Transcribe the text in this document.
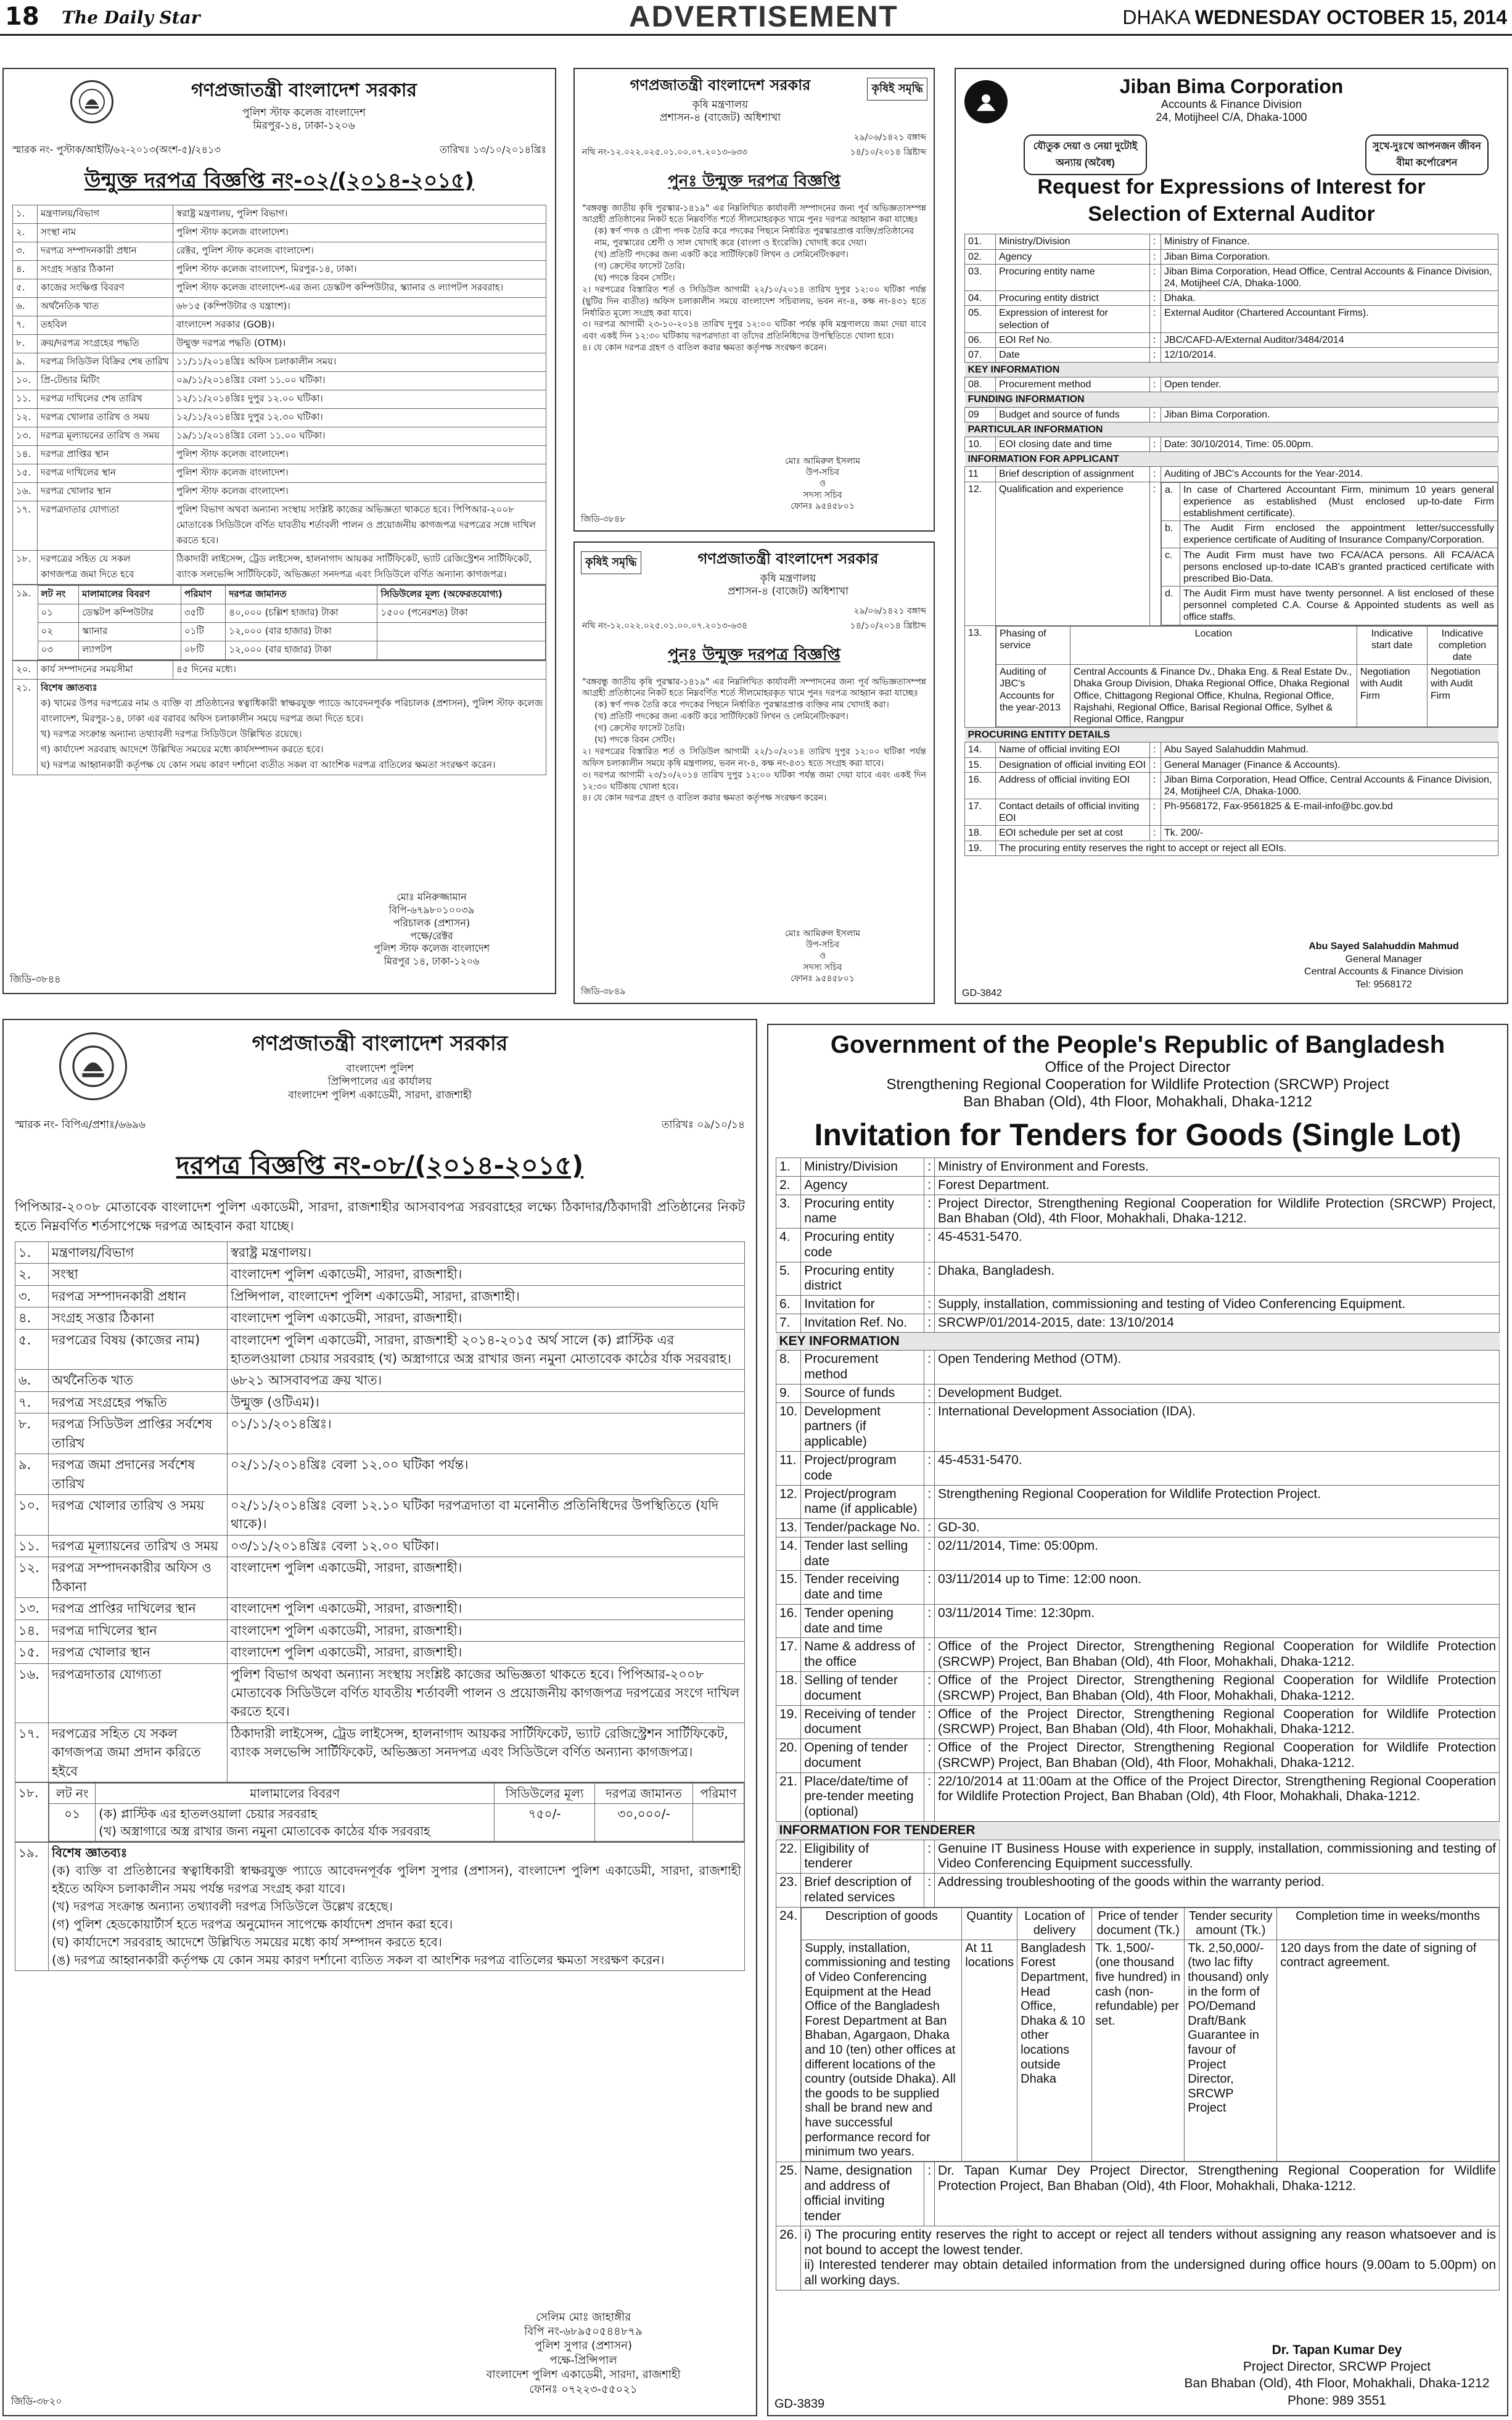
18 The Daily Star	ADVERTISEMENT	DHAKA WEDNESDAY OCTOBER 15, 2014
গণপ্রজাতন্ত্রী বাংলাদেশ সরকার
পুলিশ স্টাফ কলেজ বাংলাদেশ
মিরপুর-১৪, ঢাকা-১২০৬
স্মারক নং- পুস্টাক/আইটি/৬২-২০১৩(অংশ-৫)/২৪১৩	তারিখঃ ১৩/১০/২০১৪খ্রিঃ
উন্মুক্ত দরপত্র বিজ্ঞপ্তি নং-০২/(২০১৪-২০১৫)
১.	মন্ত্রণালয়/বিভাগ	স্বরাষ্ট্র মন্ত্রণালয়, পুলিশ বিভাগ।
২.	সংস্থা নাম	পুলিশ স্টাফ কলেজ বাংলাদেশ।
৩.	দরপত্র সম্পাদনকারী প্রধান	রেক্টর, পুলিশ স্টাফ কলেজ বাংলাদেশ।
৪.	সংগ্রহ সত্তার ঠিকানা	পুলিশ স্টাফ কলেজ বাংলাদেশ, মিরপুর-১৪, ঢাকা।
৫.	কাজের সংক্ষিপ্ত বিবরণ	পুলিশ স্টাফ কলেজ বাংলাদেশ-এর জন্য ডেস্কটপ কম্পিউটার, স্ক্যানার ও ল্যাপটপ সরবরাহ।
৬.	অর্থনৈতিক খাত	৬৮১৫ (কম্পিউটার ও যন্ত্রাংশ)।
৭.	তহবিল	বাংলাদেশ সরকার (GOB)।
৮.	ক্রয়/দরপত্র সংগ্রহের পদ্ধতি	উন্মুক্ত দরপত্র পদ্ধতি (OTM)।
৯.	দরপত্র সিডিউল বিক্রির শেষ তারিখ	১১/১১/২০১৪খ্রিঃ অফিস চলাকালীন সময়।
১০.	প্রি-টেন্ডার মিটিং	০৯/১১/২০১৪খ্রিঃ বেলা ১১.০০ ঘটিকা।
১১.	দরপত্র দাখিলের শেষ তারিখ	১২/১১/২০১৪খ্রিঃ দুপুর ১২.০০ ঘটিকা।
১২.	দরপত্র খোলার তারিখ ও সময়	১২/১১/২০১৪খ্রিঃ দুপুর ১২.৩০ ঘটিকা।
১৩.	দরপত্র মূল্যায়নের তারিখ ও সময়	১৯/১১/২০১৪খ্রিঃ বেলা ১১.০০ ঘটিকা।
১৪.	দরপত্র প্রাপ্তির স্থান	পুলিশ স্টাফ কলেজ বাংলাদেশ।
১৫.	দরপত্র দাখিলের স্থান	পুলিশ স্টাফ কলেজ বাংলাদেশ।
১৬.	দরপত্র খোলার স্থান	পুলিশ স্টাফ কলেজ বাংলাদেশ।
১৭.	দরপত্রদাতার যোগ্যতা	পুলিশ বিভাগ অথবা অন্যান্য সংস্থায় সংশ্লিষ্ট কাজের অভিজ্ঞতা থাকতে হবে। পিপিআর-২০০৮ মোতাবেক সিডিউলে বর্ণিত যাবতীয় শর্তাবলী পালন ও প্রয়োজনীয় কাগজপত্র দরপত্রের সঙ্গে দাখিল করতে হবে।
১৮.	দরপত্রের সহিত যে সকল কাগজপত্র জমা দিতে হবে	ঠিকাদারী লাইসেন্স, ট্রেড লাইসেন্স, হালনাগাদ আয়কর সার্টিফিকেট, ভ্যাট রেজিস্ট্রেশন সার্টিফিকেট, ব্যাংক সলভেন্সি সার্টিফিকেট, অভিজ্ঞতা সনদপত্র এবং সিডিউলে বর্ণিত অন্যান্য কাগজপত্র।
১৯.	লট নং	মালামালের বিবরণ	পরিমাণ	দরপত্র জামানত	সিডিউলের মূল্য (অফেরতযোগ্য)
০১	ডেস্কটপ কম্পিউটার	৩৫টি	৪০,০০০ (চল্লিশ হাজার) টাকা	১৫০০ (পনেরশত) টাকা
০২	স্ক্যানার	০১টি	১২,০০০ (বার হাজার) টাকা	
০৩	ল্যাপটপ	০৮টি	১২,০০০ (বার হাজার) টাকা	
২০.	কার্য সম্পাদনের সময়সীমা	৪৫ দিনের মধ্যে।
২১.	বিশেষ জ্ঞাতব্যঃ
ক) খামের উপর দরপত্রের নাম ও ব্যক্তি বা প্রতিষ্ঠানের স্বত্বাধিকারী স্বাক্ষরযুক্ত প্যাডে আবেদনপূর্বক পরিচালক (প্রশাসন), পুলিশ স্টাফ কলেজ বাংলাদেশ, মিরপুর-১৪, ঢাকা এর বরাবর অফিস চলাকালীন সময়ে দরপত্র জমা দিতে হবে।
খ) দরপত্র সংক্রান্ত অন্যান্য তথ্যাবলী দরপত্র সিডিউলে উল্লিখিত রয়েছে।
গ) কার্যাদেশ সরবরাহ আদেশে উল্লিখিত সময়ের মধ্যে কার্যসম্পাদন করতে হবে।
ঘ) দরপত্র আহ্বানকারী কর্তৃপক্ষ যে কোন সময় কারণ দর্শানো ব্যতীত সকল বা আংশিক দরপত্র বাতিলের ক্ষমতা সংরক্ষণ করেন।	
মোঃ মনিরুজ্জামান
বিপি-৬৭৯৮০১০০৩৯
পরিচালক (প্রশাসন)
পক্ষে/রেক্টর
পুলিশ স্টাফ কলেজ বাংলাদেশ
মিরপুর ১৪, ঢাকা-১২০৬
জিডি-৩৮৪৪
কৃষিই সমৃদ্ধি
গণপ্রজাতন্ত্রী বাংলাদেশ সরকার
কৃষি মন্ত্রণালয়
প্রশাসন-৪ (বাজেট) অধিশাখা
২৯/০৬/১৪২১ বঙ্গাব্দ
নথি নং-১২.০২২.০২৫.০১.০০.০৭.২০১৩-৬৩৩	১৪/১০/২০১৪ খ্রিষ্টাব্দ
পুনঃ উন্মুক্ত দরপত্র বিজ্ঞপ্তি
"বঙ্গবন্ধু জাতীয় কৃষি পুরস্কার-১৪১৯" এর নিম্নলিখিত কার্যাবলী সম্পাদনের জন্য পূর্ব অভিজ্ঞতাসম্পন্ন আগ্রহী প্রতিষ্ঠানের নিকট হতে নিম্নবর্ণিত শর্তে সীলমোহরকৃত খামে পুনঃ দরপত্র আহ্বান করা যাচ্ছেঃ
(ক) স্বর্ণ পদক ও রৌপ্য পদক তৈরি করে পদকের পিছনে নির্ধারিত পুরস্কারপ্রাপ্ত ব্যক্তি/প্রতিষ্ঠানের নাম, পুরস্কারের শ্রেণী ও সাল খোদাই করে (বাংলা ও ইংরেজি) খোদাই করে দেয়া।
(খ) প্রতিটি পদকের জন্য একটি করে সার্টিফিকেট লিখন ও লেমিনেটিংকরণ।
(গ) ক্রেস্টের ফাসেট তৈরি।
(ঘ) পদকে রিবন সেটিং।
২। দরপত্রের বিস্তারিত শর্ত ও সিডিউল আগামী ২২/১০/২০১৪ তারিখ দুপুর ১২:০০ ঘটিকা পর্যন্ত (ছুটির দিন ব্যতীত) অফিস চলাকালীন সময়ে বাংলাদেশ সচিবালয়, ভবন নং-৪, কক্ষ নং-৪৩১ হতে নির্ধারিত মূল্যে সংগ্রহ করা যাবে।
৩। দরপত্র আগামী ২৩-১০-২০১৪ তারিখ দুপুর ১২:০০ ঘটিকা পর্যন্ত কৃষি মন্ত্রণালয়ে জমা দেয়া যাবে এবং একই দিন ১২:৩০ ঘটিকায় দরপত্রদাতা বা তাঁদের প্রতিনিধিদের উপস্থিতিতে খোলা হবে।
৪। যে কোন দরপত্র গ্রহণ ও বাতিল করার ক্ষমতা কর্তৃপক্ষ সংরক্ষণ করেন।
মোঃ আমিরুল ইসলাম
উপ-সচিব
ও
সদস্য সচিব
ফোনঃ ৯৫৪৫৮০১
জিডি-৩৮৪৮
কৃষিই সমৃদ্ধি	গণপ্রজাতন্ত্রী বাংলাদেশ সরকার
কৃষি মন্ত্রণালয়
প্রশাসন-৪ (বাজেট) অধিশাখা
২৯/০৬/১৪২১ বঙ্গাব্দ
নথি নং-১২.০২২.০২৫.০১.০০.০৭.২০১৩-৬৩৪	১৪/১০/২০১৪ খ্রিষ্টাব্দ
পুনঃ উন্মুক্ত দরপত্র বিজ্ঞপ্তি
"বঙ্গবন্ধু জাতীয় কৃষি পুরস্কার-১৪১৯" এর নিম্নলিখিত কার্যাবলী সম্পাদনের জন্য পূর্ব অভিজ্ঞতাসম্পন্ন আগ্রহী প্রতিষ্ঠানের নিকট হতে নিম্নবর্ণিত শর্তে সীলমোহরকৃত খামে পুনঃ দরপত্র আহ্বান করা যাচ্ছেঃ
(ক) স্বর্ণ পদক তৈরি করে পদকের পিছনে নির্ধারিত পুরস্কারপ্রাপ্ত ব্যক্তির নাম খোদাই করা।
(খ) প্রতিটি পদকের জন্য একটি করে সার্টিফিকেট লিখন ও লেমিনেটিংকরণ।
(গ) ক্রেস্টের ফাসেট তৈরি।
(ঘ) পদকে রিবন সেটিং।
২। দরপত্রের বিস্তারিত শর্ত ও সিডিউল আগামী ২২/১০/২০১৪ তারিখ দুপুর ১২:০০ ঘটিকা পর্যন্ত অফিস চলাকালীন সময়ে কৃষি মন্ত্রণালয়, ভবন নং-৪, কক্ষ নং-৪৩১ হতে সংগ্রহ করা যাবে।
৩। দরপত্র আগামী ২৩/১০/২০১৪ তারিখ দুপুর ১২:০০ ঘটিকা পর্যন্ত জমা দেয়া যাবে এবং একই দিন ১২:৩০ ঘটিকায় খোলা হবে।
৪। যে কোন দরপত্র গ্রহণ ও বাতিল করার ক্ষমতা কর্তৃপক্ষ সংরক্ষণ করেন।
মোঃ আমিরুল ইসলাম
উপ-সচিব
ও
সদস্য সচিব
ফোনঃ ৯৫৪৫৮০১
জিডি-৩৮৪৯
Jiban Bima Corporation
Accounts & Finance Division
24, Motijheel C/A, Dhaka-1000
যৌতুক দেয়া ও নেয়া দুটোই অন্যায় (অবৈধ)
সুখে-দুঃখে আপনজন জীবন বীমা কর্পোরেশন
Request for Expressions of Interest for Selection of External Auditor
01.	Ministry/Division	:	Ministry of Finance.
02.	Agency	:	Jiban Bima Corporation.
03.	Procuring entity name	:	Jiban Bima Corporation, Head Office, Central Accounts & Finance Division, 24, Motijheel C/A, Dhaka-1000.
04.	Procuring entity district	:	Dhaka.
05.	Expression of interest for selection of	:	External Auditor (Chartered Accountant Firms).
06.	EOI Ref No.	:	JBC/CAFD-A/External Auditor/3484/2014
07.	Date	:	12/10/2014.
KEY INFORMATION
08.	Procurement method	:	Open tender.
FUNDING INFORMATION
09	Budget and source of funds	:	Jiban Bima Corporation.
PARTICULAR INFORMATION
10.	EOI closing date and time	:	Date: 30/10/2014, Time: 05.00pm.
INFORMATION FOR APPLICANT
11	Brief description of assignment	:	Auditing of JBC's Accounts for the Year-2014.
12.	Qualification and experience	:	a.	In case of Chartered Accountant Firm, minimum 10 years general experience as established (Must enclosed up-to-date Firm establishment certificate).
b.	The Audit Firm enclosed the appointment letter/successfully experience certificate of Auditing of Insurance Company/Corporation.
c.	The Audit Firm must have two FCA/ACA persons. All FCA/ACA persons enclosed up-to-date ICAB's granted practiced certificate with prescribed Bio-Data.
d.	The Audit Firm must have twenty personnel. A list enclosed of these personnel completed C.A. Course & Appointed students as well as office staffs.

13.	Phasing of service	Location	Indicative start date	Indicative completion date
Auditing of JBC's Accounts for the year-2013	Central Accounts & Finance Dv., Dhaka Eng. & Real Estate Dv., Dhaka Group Division, Dhaka Regional Office, Dhaka Regional Office, Chittagong Regional Office, Khulna, Regional Office, Rajshahi, Regional Office, Barisal Regional Office, Sylhet & Regional Office, Rangpur	Negotiation with Audit Firm	Negotiation with Audit Firm

PROCURING ENTITY DETAILS
14.	Name of official inviting EOI	:	Abu Sayed Salahuddin Mahmud.
15.	Designation of official inviting EOI	:	General Manager (Finance & Accounts).
16.	Address of official inviting EOI	:	Jiban Bima Corporation, Head Office, Central Accounts & Finance Division, 24, Motijheel C/A, Dhaka-1000.
17.	Contact details of official inviting EOI	:	Ph-9568172, Fax-9561825 & E-mail-info@bc.gov.bd
18.	EOI schedule per set at cost	:	Tk. 200/-
19.	The procuring entity reserves the right to accept or reject all EOIs.
Abu Sayed Salahuddin Mahmud
General Manager
Central Accounts & Finance Division
Tel: 9568172
GD-3842
গণপ্রজাতন্ত্রী বাংলাদেশ সরকার
বাংলাদেশ পুলিশ
প্রিন্সিপালের এর কার্যালয়
বাংলাদেশ পুলিশ একাডেমী, সারদা, রাজশাহী
স্মারক নং- বিপিএ/প্রশাঃ/৬৬৯৬	তারিখঃ ০৯/১০/১৪
দরপত্র বিজ্ঞপ্তি নং-০৮/(২০১৪-২০১৫)
পিপিআর-২০০৮ মোতাবেক বাংলাদেশ পুলিশ একাডেমী, সারদা, রাজশাহীর আসবাবপত্র সরবরাহের লক্ষ্যে ঠিকাদার/ঠিকাদারী প্রতিষ্ঠানের নিকট হতে নিম্নবর্ণিত শর্তসাপেক্ষে দরপত্র আহবান করা যাচ্ছে।
১.	মন্ত্রণালয়/বিভাগ	স্বরাষ্ট্র মন্ত্রণালয়।
২.	সংস্থা	বাংলাদেশ পুলিশ একাডেমী, সারদা, রাজশাহী।
৩.	দরপত্র সম্পাদনকারী প্রধান	প্রিন্সিপাল, বাংলাদেশ পুলিশ একাডেমী, সারদা, রাজশাহী।
৪.	সংগ্রহ সত্তার ঠিকানা	বাংলাদেশ পুলিশ একাডেমী, সারদা, রাজশাহী।
৫.	দরপত্রের বিষয় (কাজের নাম)	বাংলাদেশ পুলিশ একাডেমী, সারদা, রাজশাহী ২০১৪-২০১৫ অর্থ সালে (ক) প্লাস্টিক এর হাতলওয়ালা চেয়ার সরবরাহ (খ) অস্ত্রাগারে অস্ত্র রাখার জন্য নমুনা মোতাবেক কাঠের র্যাক সরবরাহ।
৬.	অর্থনৈতিক খাত	৬৮২১ আসবাবপত্র ক্রয় খাত।
৭.	দরপত্র সংগ্রহের পদ্ধতি	উন্মুক্ত (ওটিএম)।
৮.	দরপত্র সিডিউল প্রাপ্তির সর্বশেষ তারিখ	০১/১১/২০১৪খ্রিঃ।
৯.	দরপত্র জমা প্রদানের সর্বশেষ তারিখ	০২/১১/২০১৪খ্রিঃ বেলা ১২.০০ ঘটিকা পর্যন্ত।
১০.	দরপত্র খোলার তারিখ ও সময়	০২/১১/২০১৪খ্রিঃ বেলা ১২.১০ ঘটিকা দরপত্রদাতা বা মনোনীত প্রতিনিধিদের উপস্থিতিতে (যদি থাকে)।
১১.	দরপত্র মূল্যায়নের তারিখ ও সময়	০৩/১১/২০১৪খ্রিঃ বেলা ১২.০০ ঘটিকা।
১২.	দরপত্র সম্পাদনকারীর অফিস ও ঠিকানা	বাংলাদেশ পুলিশ একাডেমী, সারদা, রাজশাহী।
১৩.	দরপত্র প্রাপ্তির দাখিলের স্থান	বাংলাদেশ পুলিশ একাডেমী, সারদা, রাজশাহী।
১৪.	দরপত্র দাখিলের স্থান	বাংলাদেশ পুলিশ একাডেমী, সারদা, রাজশাহী।
১৫.	দরপত্র খোলার স্থান	বাংলাদেশ পুলিশ একাডেমী, সারদা, রাজশাহী।
১৬.	দরপত্রদাতার যোগ্যতা	পুলিশ বিভাগ অথবা অন্যান্য সংস্থায় সংশ্লিষ্ট কাজের অভিজ্ঞতা থাকতে হবে। পিপিআর-২০০৮ মোতাবেক সিডিউলে বর্ণিত যাবতীয় শর্তাবলী পালন ও প্রয়োজনীয় কাগজপত্র দরপত্রের সংগে দাখিল করতে হবে।
১৭.	দরপত্রের সহিত যে সকল কাগজপত্র জমা প্রদান করিতে হইবে	ঠিকাদারী লাইসেন্স, ট্রেড লাইসেন্স, হালনাগাদ আয়কর সার্টিফিকেট, ভ্যাট রেজিস্ট্রেশন সার্টিফিকেট, ব্যাংক সলভেন্সি সার্টিফিকেট, অভিজ্ঞতা সনদপত্র এবং সিডিউলে বর্ণিত অন্যান্য কাগজপত্র।
১৮.	লট নং	মালামালের বিবরণ	সিডিউলের মূল্য	দরপত্র জামানত	পরিমাণ
০১	(ক) প্লাস্টিক এর হাতলওয়ালা চেয়ার সরবরাহ
(খ) অস্ত্রাগারে অস্ত্র রাখার জন্য নমুনা মোতাবেক কাঠের র্যাক সরবরাহ
	৭৫০/-	৩০,০০০/-	
১৯.	বিশেষ জ্ঞাতব্যঃ
(ক) ব্যক্তি বা প্রতিষ্ঠানের স্বত্বাধিকারী স্বাক্ষরযুক্ত প্যাডে আবেদনপূর্বক পুলিশ সুপার (প্রশাসন), বাংলাদেশ পুলিশ একাডেমী, সারদা, রাজশাহী হইতে অফিস চলাকালীন সময় পর্যন্ত দরপত্র সংগ্রহ করা যাবে।
(খ) দরপত্র সংক্রান্ত অন্যান্য তথ্যাবলী দরপত্র সিডিউলে উল্লেখ রহেছে।
(গ) পুলিশ হেডকোয়ার্টার্স হতে দরপত্র অনুমোদন সাপেক্ষে কার্যাদেশ প্রদান করা হবে।
(ঘ) কার্যাদেশে সরবরাহ আদেশে উল্লিখিত সময়ের মধ্যে কার্য সম্পাদন করতে হবে।
(ঙ) দরপত্র আহ্বানকারী কর্তৃপক্ষ যে কোন সময় কারণ দর্শানো ব্যতিত সকল বা আংশিক দরপত্র বাতিলের ক্ষমতা সংরক্ষণ করেন।
সেলিম মোঃ জাহাঙ্গীর
বিপি নং-৬৮৯৫০৫৪৪৮৭৯
পুলিশ সুপার (প্রশাসন)
পক্ষে-প্রিন্সিপাল
বাংলাদেশ পুলিশ একাডেমী, সারদা, রাজশাহী
ফোনঃ ০৭২২৩-৫৫০২১
জিডি-৩৮২০
Government of the People's Republic of Bangladesh
Office of the Project Director
Strengthening Regional Cooperation for Wildlife Protection (SRCWP) Project
Ban Bhaban (Old), 4th Floor, Mohakhali, Dhaka-1212
Invitation for Tenders for Goods (Single Lot)
1.	Ministry/Division	:	Ministry of Environment and Forests.
2.	Agency	:	Forest Department.
3.	Procuring entity name	:	Project Director, Strengthening Regional Cooperation for Wildlife Protection (SRCWP) Project, Ban Bhaban (Old), 4th Floor, Mohakhali, Dhaka-1212.
4.	Procuring entity code	:	45-4531-5470.
5.	Procuring entity district	:	Dhaka, Bangladesh.
6.	Invitation for	:	Supply, installation, commissioning and testing of Video Conferencing Equipment.
7.	Invitation Ref. No.	:	SRCWP/01/2014-2015, date: 13/10/2014
KEY INFORMATION
8.	Procurement method	:	Open Tendering Method (OTM).
9.	Source of funds	:	Development Budget.
10.	Development partners (if applicable)	:	International Development Association (IDA).
11.	Project/program code	:	45-4531-5470.
12.	Project/program name (if applicable)	:	Strengthening Regional Cooperation for Wildlife Protection Project.
13.	Tender/package No.	:	GD-30.
14.	Tender last selling date	:	02/11/2014, Time: 05:00pm.
15.	Tender receiving date and time	:	03/11/2014 up to Time: 12:00 noon.
16.	Tender opening date and time	:	03/11/2014 Time: 12:30pm.
17.	Name & address of the office	:	Office of the Project Director, Strengthening Regional Cooperation for Wildlife Protection (SRCWP) Project, Ban Bhaban (Old), 4th Floor, Mohakhali, Dhaka-1212.
18.	Selling of tender document	:	Office of the Project Director, Strengthening Regional Cooperation for Wildlife Protection (SRCWP) Project, Ban Bhaban (Old), 4th Floor, Mohakhali, Dhaka-1212.
19.	Receiving of tender document	:	Office of the Project Director, Strengthening Regional Cooperation for Wildlife Protection (SRCWP) Project, Ban Bhaban (Old), 4th Floor, Mohakhali, Dhaka-1212.
20.	Opening of tender document	:	Office of the Project Director, Strengthening Regional Cooperation for Wildlife Protection (SRCWP) Project, Ban Bhaban (Old), 4th Floor, Mohakhali, Dhaka-1212.
21.	Place/date/time of pre-tender meeting (optional)	:	22/10/2014 at 11:00am at the Office of the Project Director, Strengthening Regional Cooperation for Wildlife Protection Project, Ban Bhaban (Old), 4th Floor, Mohakhali, Dhaka-1212.
INFORMATION FOR TENDERER
22.	Eligibility of tenderer	:	Genuine IT Business House with experience in supply, installation, commissioning and testing of Video Conferencing Equipment successfully.
23.	Brief description of related services	:	Addressing troubleshooting of the goods within the warranty period.
24.	Description of goods	Quantity	Location of delivery	Price of tender document (Tk.)	Tender security amount (Tk.)	Completion time in weeks/months
Supply, installation, commissioning and testing of Video Conferencing Equipment at the Head Office of the Bangladesh Forest Department at Ban Bhaban, Agargaon, Dhaka and 10 (ten) other offices at different locations of the country (outside Dhaka). All the goods to be supplied shall be brand new and have successful performance record for minimum two years.	At 11 locations	Bangladesh Forest Department, Head Office, Dhaka & 10 other locations outside Dhaka	Tk. 1,500/- (one thousand five hundred) in cash (non-refundable) per set.	Tk. 2,50,000/- (two lac fifty thousand) only in the form of PO/Demand Draft/Bank Guarantee in favour of Project Director, SRCWP Project	120 days from the date of signing of contract agreement.

25.	Name, designation and address of official inviting tender	:	Dr. Tapan Kumar Dey Project Director, Strengthening Regional Cooperation for Wildlife Protection Project, Ban Bhaban (Old), 4th Floor, Mohakhali, Dhaka-1212.
26.	i) The procuring entity reserves the right to accept or reject all tenders without assigning any reason whatsoever and is not bound to accept the lowest tender.
ii) Interested tenderer may obtain detailed information from the undersigned during office hours (9.00am to 5.00pm) on all working days.
Dr. Tapan Kumar Dey
Project Director, SRCWP Project
Ban Bhaban (Old), 4th Floor, Mohakhali, Dhaka-1212
Phone: 989 3551
GD-3839
